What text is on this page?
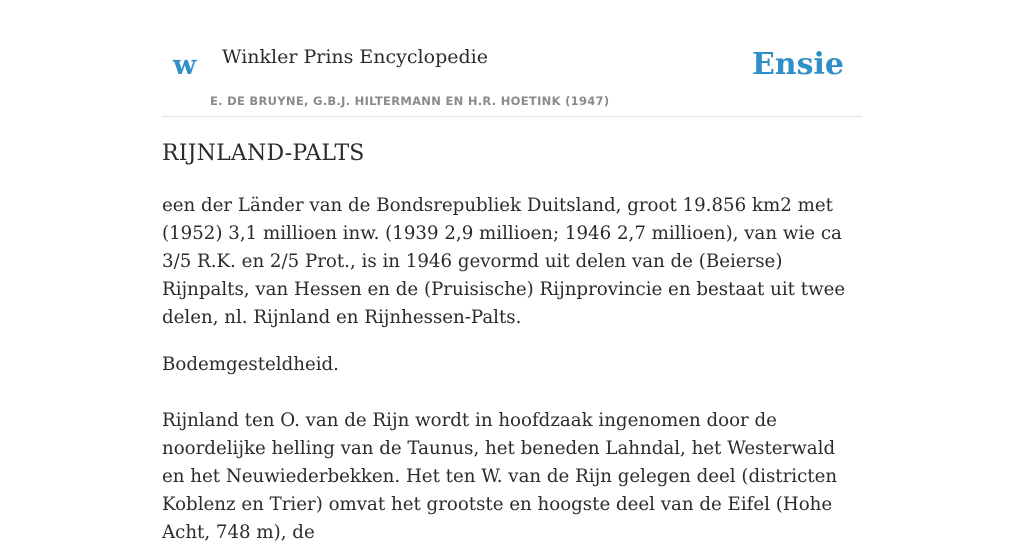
w Winkler Prins Encyclopedie
E. DE BRUYNE, G.B.J. HILTERMANN EN H.R. HOETINK (1947)
Ensie
RIJNLAND-PALTS

een der Länder van de Bondsrepubliek Duitsland, groot 19.856 km2 met (1952) 3,1 millioen inw. (1939 2,9 millioen; 1946 2,7 millioen), van wie ca 3/5 R.K. en 2/5 Prot., is in 1946 gevormd uit delen van de (Beierse) Rijnpalts, van Hessen en de (Pruisische) Rijnprovincie en bestaat uit twee delen, nl. Rijnland en Rijnhessen-Palts.

Bodemgesteldheid.

Rijnland ten O. van de Rijn wordt in hoofdzaak ingenomen door de noordelijke helling van de Taunus, het beneden Lahndal, het Westerwald en het Neuwiederbekken. Het ten W. van de Rijn gelegen deel (districten Koblenz en Trier) omvat het grootste en hoogste deel van de Eifel (Hohe Acht, 748 m), de
